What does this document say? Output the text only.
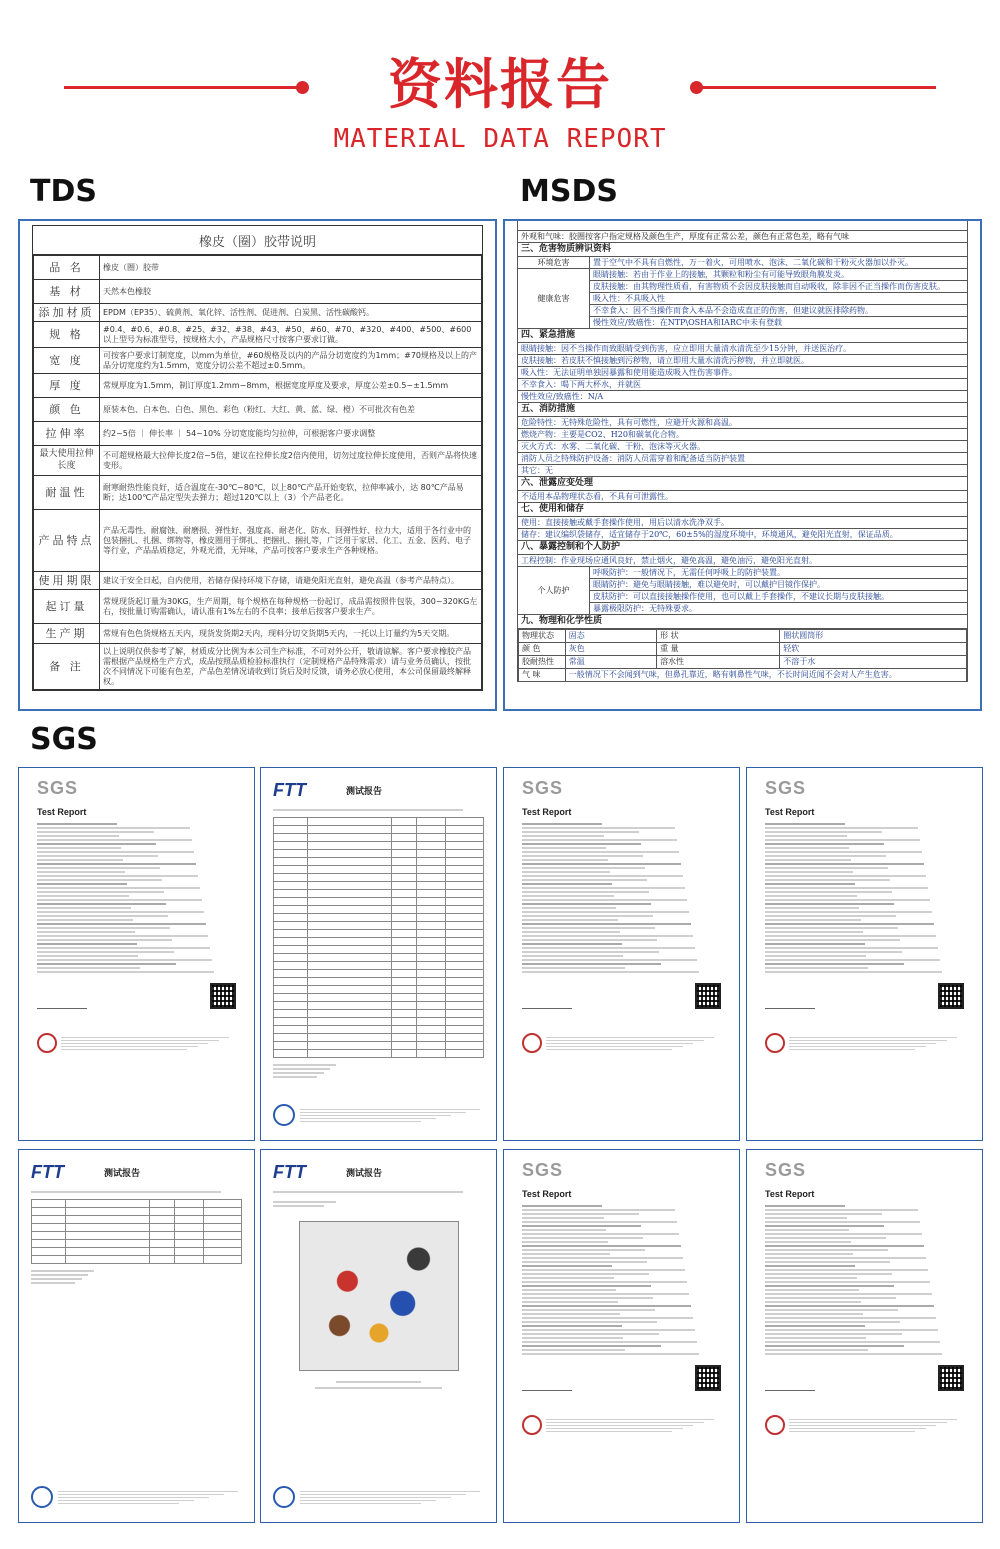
资料报告
MATERIAL DATA REPORT
TDS	MSDS
SGS
橡皮（圈）胶带说明
品 名	橡皮（圈）胶带
基 材	天然本色橡胶
添加材质	EPDM（EP35）、硫黄剂、氧化锌、活性剂、促进剂、白炭黑、活性碳酸钙。
规 格	#0.4、#0.6、#0.8、#25、#32、#38、#43、#50、#60、#70、#320、#400、#500、#600 以上型号为标准型号，按规格大小，产品规格尺寸按客户要求订做。
宽 度	可按客户要求订制宽度，以mm为单位，#60规格及以内的产品分切宽度约为1mm；#70规格及以上的产品分切宽度约为1.5mm，宽度分切公差不超过±0.5mm。
厚 度	常规厚度为1.5mm，制订厚度1.2mm~8mm，根据宽度厚度及要求，厚度公差±0.5~±1.5mm
颜 色	原装本色、白本色、白色、黑色、彩色（粉红、大红、黄、蓝、绿、橙）不可批次有色差
拉伸率	约2~5倍 ｜ 伸长率 ｜ 54~10% 分切宽度能均匀拉伸，可根据客户要求调整
最大使用拉伸长度	不可超规格最大拉伸长度2倍~5倍，建议在拉伸长度2倍内使用，切勿过度拉伸长度使用，否则产品将快速变形。
耐温性	耐寒耐热性能良好，适合温度在-30℃~80℃，以上80℃产品开始变软，拉伸率减小，达 80℃产品易断；达100℃产品定型失去弹力；超过120℃以上（3）个产品老化。
产品特点	产品无毒性、耐腐蚀、耐磨损、弹性好、强度高、耐老化、防水、回弹性好、拉力大，适用于各行业中的包装捆扎、扎捆、绑物等，橡皮圈用于绑扎、把捆扎、捆扎等，广泛用于家居、化工、五金、医药、电子等行业，产品品质稳定，外观光滑，无异味，产品可按客户要求生产各种规格。
使用期限	建议于安全日起，自内使用，若储存保持环境下存储，请避免阳光直射，避免高温（参考产品特点）。
起订量	常规现货起订量为30KG，生产周期，每个规格在每种规格一份起订，成品需按照件包装，300~320KG左右，按批量订购需确认，请认准有1%左右的不良率；接单后按客户要求生产。
生产期	常规有色色货规格五天内，现货发货期2天内，现料分切交货期5天内，一托以上订量约为5天交期。
备 注	以上说明仅供参考了解，材质成分比例为本公司生产标准，不可对外公开，敬请谅解。客户要求橡胶产品需根据产品规格生产方式，成品按照品质检验标准执行（定制规格产品特殊需求）请与业务员确认，按批次不同情况下可能有色差，产品色差情况请收到订货后及时反馈，请务必放心使用，本公司保留最终解释权。
外观和气味：胶圈按客户指定规格及颜色生产，厚度有正常公差，颜色有正常色差，略有气味
三、危害物质辨识资料
环境危害	置于空气中不具有自燃性，万一着火，可用喷水、泡沫、二氧化碳和干粉灭火器加以扑灭。
健康危害
眼睛接触：若由于作业上的接触，其颗粒和粉尘有可能导致眼角膜发炎。
皮肤接触：由其物理性质看，有害物质不会因皮肤接触而自动吸收，除非因不正当操作而伤害皮肤。
吸入性：不具吸入性
不幸食入：因不当操作而食入本品不会造成直正的伤害，但建议就医排除药物。
慢性效应/致癌性：在NTP\OSHA和IARC中未有登载
四、紧急措施
眼睛接触：因不当操作而致眼睛受到伤害，应立即用大量清水清洗至少15分钟，并送医治疗。
皮肤接触：若皮肤不慎接触到污秽物，请立即用大量水清洗污秽物，并立即就医。
吸入性：无法证明单独因暴露和使用能造成吸入性伤害事件。
不幸食入：喝下两大杯水，并就医
慢性效应/致癌性：N/A
五、消防措施
危险特性：无特殊危险性，具有可燃性，应避开火源和高温。
燃烧产物：主要是CO2、H20和碳氧化合物。
灭火方式：水雾、二氧化碳、干粉、泡沫等灭火器。
消防人员之特殊防护设备：消防人员需穿着和配备适当防护装置
其它：无
六、泄露应变处理
不适用本品物理状态看，不具有可泄露性。
七、使用和储存
使用：直接接触或戴手套操作使用，用后以清水洗净双手。
储存：建议编织袋储存，适宜储存于20℃，60±5%的湿度环境中，环境通风，避免阳光直射，保证品质。
八、暴露控制和个人防护
工程控制：作业现场应通风良好，禁止烟火，避免高温，避免油污，避免阳光直射。
个人防护
呼吸防护：一般情况下，无需任何呼吸上的防护装置。
眼睛防护：避免与眼睛接触，难以避免时，可以戴护目镜作保护。
皮肤防护：可以直接接触操作使用，也可以戴上手套操作，不建议长期与皮肤接触。
暴露极限防护：无特殊要求。
九、物理和化学性质
物理状态	固态	形 状	圈状圆筒形
颜 色	灰色	重 量	轻软
胶耐热性	常温	溶水性	不溶于水
气 味	一般情况下不会闻到气味，但鼻孔靠近，略有刺鼻性气味，不长时间近闻不会对人产生危害。		
SGS
Test Report
FTT	测试报告

					SGS
Test Report
SGS
Test Report
FTT	测试报告

					FTT	测试报告	SGS
Test Report
SGS
Test Report
